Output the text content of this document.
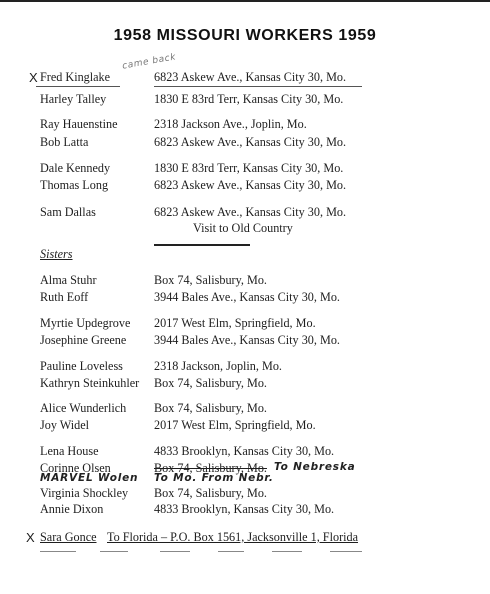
1958 MISSOURI WORKERS 1959
X Fred Kinglake	6823 Askew Ave., Kansas City 30, Mo.
came back
Harley Talley	1830 E 83rd Terr, Kansas City 30, Mo.
Ray Hauenstine	2318 Jackson Ave., Joplin, Mo.
Bob Latta	6823 Askew Ave., Kansas City 30, Mo.
Dale Kennedy	1830 E 83rd Terr, Kansas City 30, Mo.
Thomas Long	6823 Askew Ave., Kansas City 30, Mo.
Sam Dallas	6823 Askew Ave., Kansas City 30, Mo.
Visit to Old Country
Sisters
Alma Stuhr	Box 74, Salisbury, Mo.
Ruth Eoff	3944 Bales Ave., Kansas City 30, Mo.
Myrtie Updegrove 2017 West Elm, Springfield, Mo.
Josephine Greene 3944 Bales Ave., Kansas City 30, Mo.
Pauline Loveless	2318 Jackson, Joplin, Mo.
Kathryn Steinkuhler Box 74, Salisbury, Mo.
Alice Wunderlich Box 74, Salisbury, Mo.
Joy Widel	2017 West Elm, Springfield, Mo.
Lena House	4833 Brooklyn, Kansas City 30, Mo.
Corinne Olsen	Box 74, Salisbury, Mo. To Nebreska
MARVEL Wolen To Mo. From Nebr.
Virginia Shockley Box 74, Salisbury, Mo.
Annie Dixon	4833 Brooklyn, Kansas City 30, Mo.
X Sara Gonce To Florida – P.O. Box 1561, Jacksonville 1, Florida
